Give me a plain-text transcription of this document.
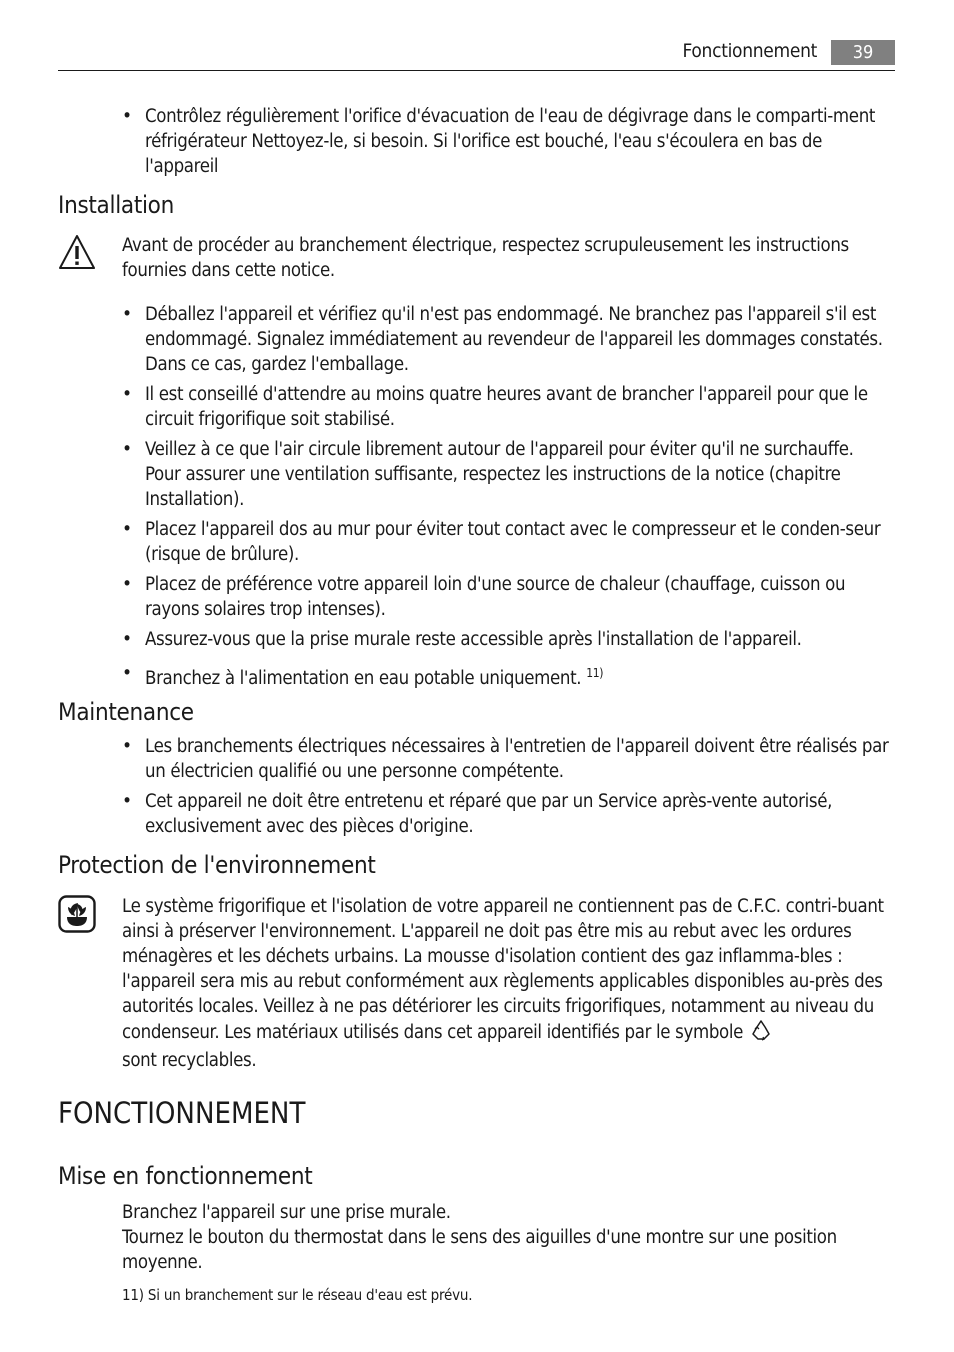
Fonctionnement	39
• Contrôlez régulièrement l'orifice d'évacuation de l'eau de dégivrage dans le comparti-ment réfrigérateur Nettoyez-le, si besoin. Si l'orifice est bouché, l'eau s'écoulera en bas de l'appareil
Installation
Avant de procéder au branchement électrique, respectez scrupuleusement les instructions fournies dans cette notice.
• Déballez l'appareil et vérifiez qu'il n'est pas endommagé. Ne branchez pas l'appareil s'il est endommagé. Signalez immédiatement au revendeur de l'appareil les dommages constatés. Dans ce cas, gardez l'emballage.
• Il est conseillé d'attendre au moins quatre heures avant de brancher l'appareil pour que le circuit frigorifique soit stabilisé.
• Veillez à ce que l'air circule librement autour de l'appareil pour éviter qu'il ne surchauffe. Pour assurer une ventilation suffisante, respectez les instructions de la notice (chapitre Installation).
• Placez l'appareil dos au mur pour éviter tout contact avec le compresseur et le conden-seur (risque de brûlure).
• Placez de préférence votre appareil loin d'une source de chaleur (chauffage, cuisson ou rayons solaires trop intenses).
• Assurez-vous que la prise murale reste accessible après l'installation de l'appareil.
• Branchez à l'alimentation en eau potable uniquement. $^{11)}$
Maintenance
• Les branchements électriques nécessaires à l'entretien de l'appareil doivent être réalisés par un électricien qualifié ou une personne compétente.
• Cet appareil ne doit être entretenu et réparé que par un Service après-vente autorisé, exclusivement avec des pièces d'origine.
Protection de l'environnement
Le système frigorifique et l'isolation de votre appareil ne contiennent pas de C.F.C. contri-buant ainsi à préserver l'environnement. L'appareil ne doit pas être mis au rebut avec les ordures ménagères et les déchets urbains. La mousse d'isolation contient des gaz inflamma-bles : l'appareil sera mis au rebut conformément aux règlements applicables disponibles au-près des autorités locales. Veillez à ne pas détériorer les circuits frigorifiques, notamment au niveau du condenseur. Les matériaux utilisés dans cet appareil identifiés par le symbole
sont recyclables.
FONCTIONNEMENT
Mise en fonctionnement
Branchez l'appareil sur une prise murale.
Tournez le bouton du thermostat dans le sens des aiguilles d'une montre sur une position moyenne.
11) Si un branchement sur le réseau d'eau est prévu.
